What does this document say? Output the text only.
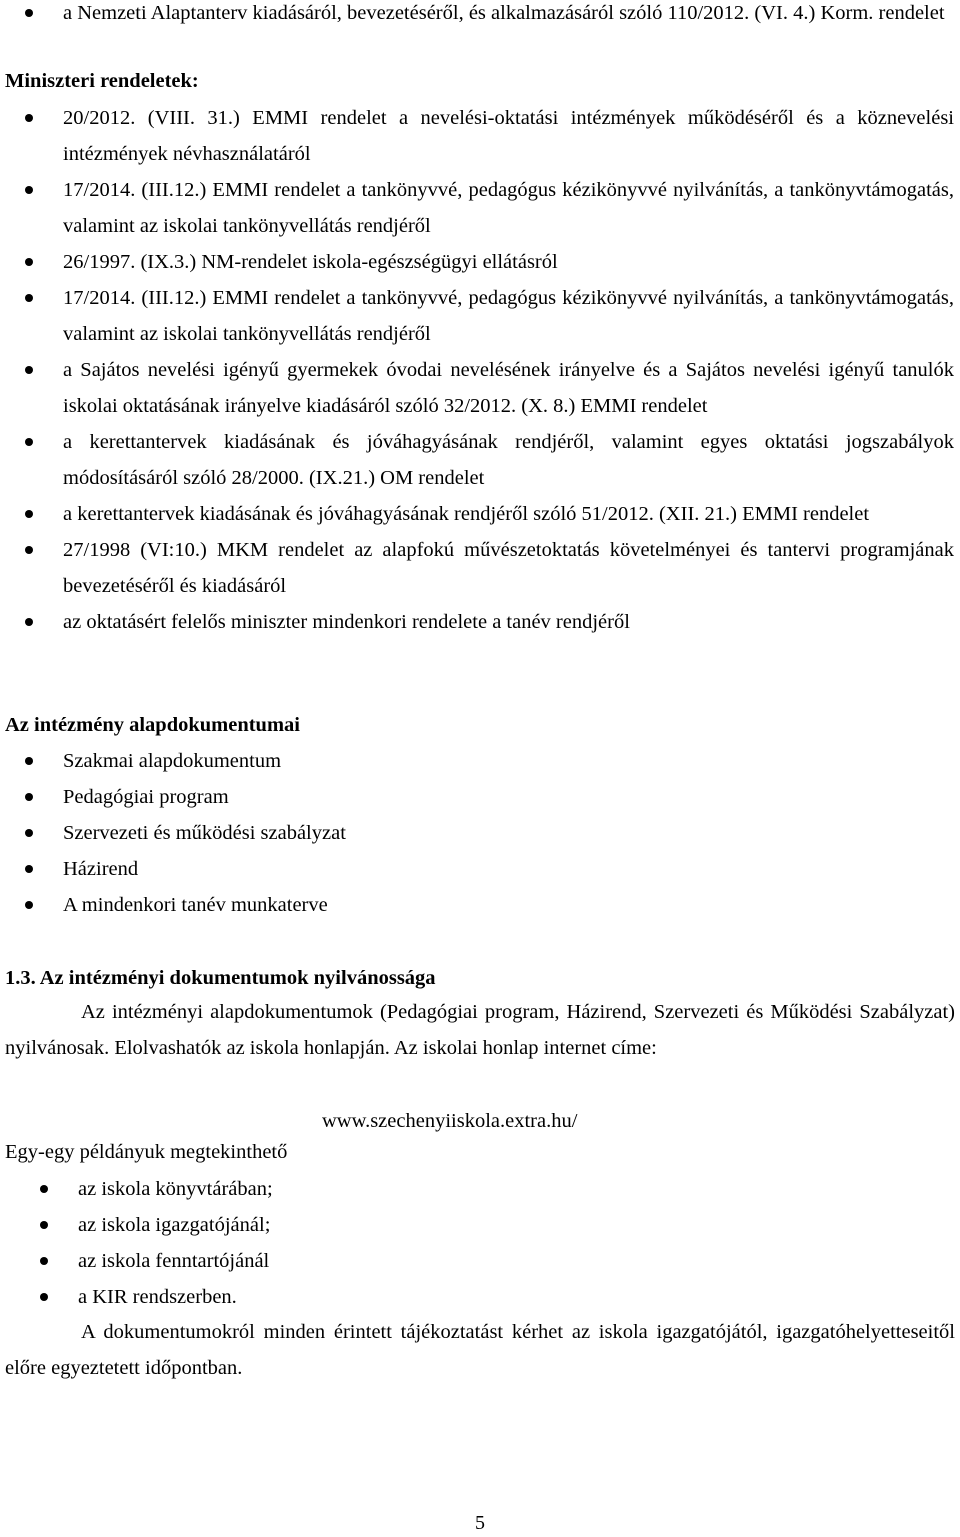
a Nemzeti Alaptanterv kiadásáról, bevezetéséről, és alkalmazásáról szóló 110/2012. (VI. 4.) Korm. rendelet
Miniszteri rendeletek:
20/2012. (VIII. 31.) EMMI rendelet a nevelési-oktatási intézmények működéséről és a köznevelési intézmények névhasználatáról
17/2014. (III.12.) EMMI rendelet a tankönyvvé, pedagógus kézikönyvvé nyilvánítás, a tankönyvtámogatás, valamint az iskolai tankönyvellátás rendjéről
26/1997. (IX.3.) NM-rendelet iskola-egészségügyi ellátásról
17/2014. (III.12.) EMMI rendelet a tankönyvvé, pedagógus kézikönyvvé nyilvánítás, a tankönyvtámogatás, valamint az iskolai tankönyvellátás rendjéről
a Sajátos nevelési igényű gyermekek óvodai nevelésének irányelve és a Sajátos nevelési igényű tanulók iskolai oktatásának irányelve kiadásáról szóló 32/2012. (X. 8.) EMMI rendelet
a kerettantervek kiadásának és jóváhagyásának rendjéről, valamint egyes oktatási jogszabályok módosításáról szóló 28/2000. (IX.21.) OM rendelet
a kerettantervek kiadásának és jóváhagyásának rendjéről szóló 51/2012. (XII. 21.) EMMI rendelet
27/1998 (VI:10.) MKM rendelet az alapfokú művészetoktatás követelményei és tantervi programjának bevezetéséről és kiadásáról
az oktatásért felelős miniszter mindenkori rendelete a tanév rendjéről
Az intézmény alapdokumentumai
Szakmai alapdokumentum
Pedagógiai program
Szervezeti és működési szabályzat
Házirend
A mindenkori tanév munkaterve
1.3. Az intézményi dokumentumok nyilvánossága

Az intézményi alapdokumentumok (Pedagógiai program, Házirend, Szervezeti és Működési Szabályzat) nyilvánosak. Elolvashatók az iskola honlapján. Az iskolai honlap internet címe:

www.szechenyiiskola.extra.hu/
Egy-egy példányuk megtekinthető
az iskola könyvtárában;
az iskola igazgatójánál;
az iskola fenntartójánál
a KIR rendszerben.

A dokumentumokról minden érintett tájékoztatást kérhet az iskola igazgatójától, igazgatóhelyetteseitől előre egyeztetett időpontban.

5
